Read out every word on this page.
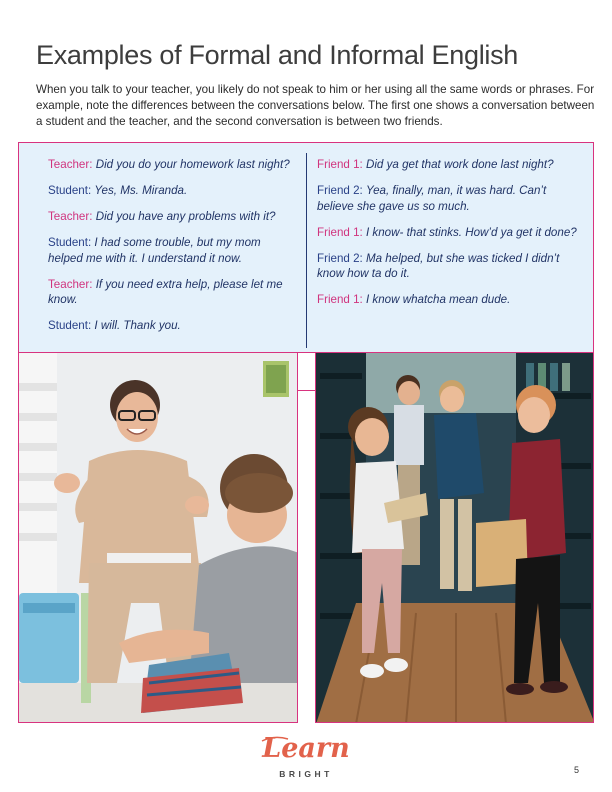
Examples of Formal and Informal English

When you talk to your teacher, you likely do not speak to him or her using all the same words or phrases. For example, note the differences between the conversations below. The first one shows a conversation between a student and the teacher, and the second conversation is between two friends.

Teacher: Did you do your homework last night?

Student: Yes, Ms. Miranda.

Teacher: Did you have any problems with it?

Student: I had some trouble, but my mom helped me with it. I understand it now.

Teacher: If you need extra help, please let me know.

Student: I will. Thank you.

Friend 1: Did ya get that work done last night?

Friend 2: Yea, finally, man, it was hard. Can’t believe she gave us so much.

Friend 1: I know- that stinks. How’d ya get it done?

Friend 2: Ma helped, but she was ticked I didn’t know how ta do it.

Friend 1: I know whatcha mean dude.

Learn
BRIGHT	5
